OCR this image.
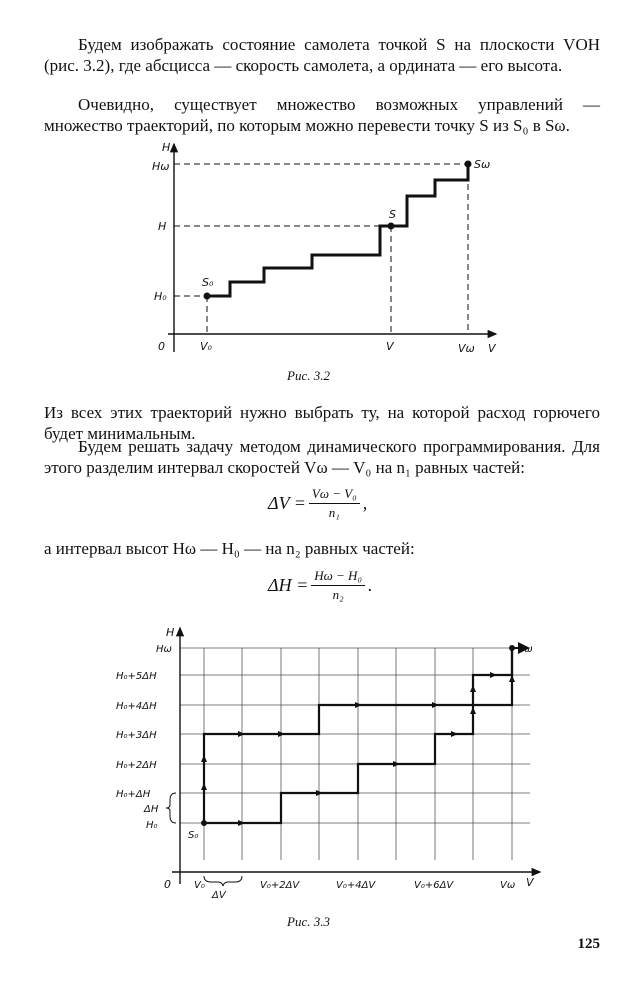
Будем изображать состояние самолета точкой S на плоскости VOH (рис. 3.2), где абсцисса — скорость самолета, а ордината — его высота.

Очевидно, существует множество возможных управлений — множество траекторий, по которым можно перевести точку S из S₀ в Sω.

H
Hω
H
H₀
0	V₀	V	Vω V
S₀
S
Sω
Рис. 3.2

Из всех этих траекторий нужно выбрать ту, на которой расход горючего будет минимальным.

Будем решать задачу методом динамического программирования. Для этого разделим интервал скоростей Vω — V₀ на n₁ равных частей:

$\Delta V = \frac{\text{Vω − V₀}}{\text{n₁}}$ ,

а интервал высот Hω — H₀ — на n₂ равных частей:

$\Delta H = \frac{\text{Hω − H₀}}{\text{n₂}}$ .
H
Hω
H₀+5ΔH
H₀+4ΔH
H₀+3ΔH
H₀+2ΔH
H₀+ΔH
ΔH
H₀
0 V₀	V₀+2ΔV	V₀+4ΔV	V₀+6ΔV	Vω V
ΔV
S₀
Sω
Рис. 3.3
125
